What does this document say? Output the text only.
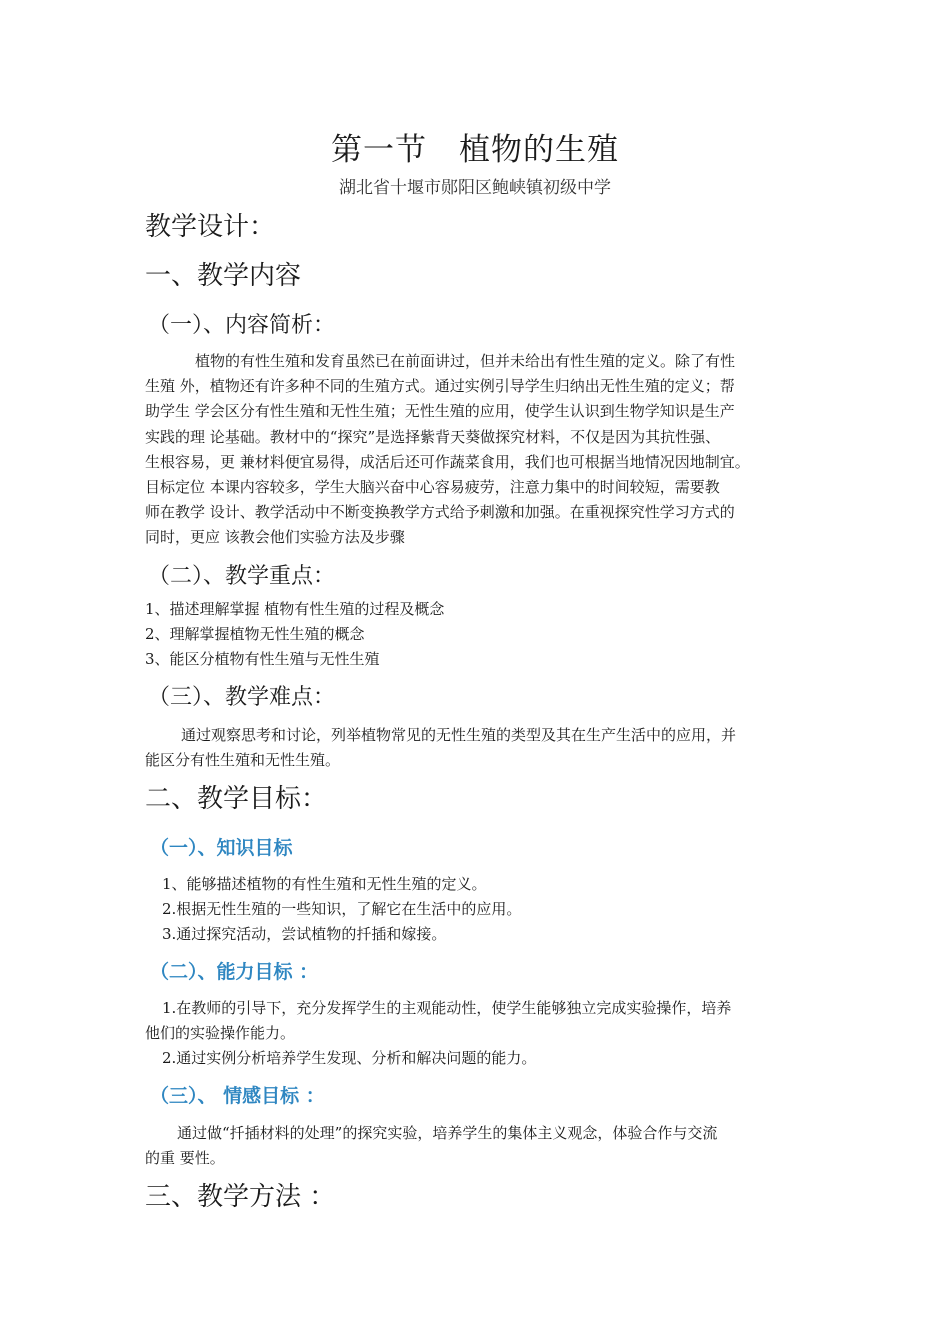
第一节　植物的生殖
湖北省十堰市郧阳区鲍峡镇初级中学
教学设计：
一、教学内容
（一）、内容简析：
植物的有性生殖和发育虽然已在前面讲过，但并未给出有性生殖的定义。除了有性
生殖 外，植物还有许多种不同的生殖方式。通过实例引导学生归纳出无性生殖的定义；帮
助学生 学会区分有性生殖和无性生殖；无性生殖的应用，使学生认识到生物学知识是生产
实践的理 论基础。教材中的“探究”是选择紫背天葵做探究材料，不仅是因为其抗性强、
生根容易，更 兼材料便宜易得，成活后还可作蔬菜食用，我们也可根据当地情况因地制宜。
目标定位 本课内容较多，学生大脑兴奋中心容易疲劳，注意力集中的时间较短，需要教
师在教学 设计、教学活动中不断变换教学方式给予刺激和加强。在重视探究性学习方式的
同时，更应 该教会他们实验方法及步骤
（二）、教学重点：
1、描述理解掌握 植物有性生殖的过程及概念
2、理解掌握植物无性生殖的概念
3、能区分植物有性生殖与无性生殖
（三）、教学难点：
通过观察思考和讨论，列举植物常见的无性生殖的类型及其在生产生活中的应用，并
能区分有性生殖和无性生殖。
二、教学目标：
（一）、知识目标
1、能够描述植物的有性生殖和无性生殖的定义。
2.根据无性生殖的一些知识，了解它在生活中的应用。
3.通过探究活动，尝试植物的扦插和嫁接。
（二）、能力目标 ：
1.在教师的引导下，充分发挥学生的主观能动性，使学生能够独立完成实验操作，培养
他们的实验操作能力。
2.通过实例分析培养学生发现、分析和解决问题的能力。
（三）、 情感目标 ：
通过做“扦插材料的处理”的探究实验，培养学生的集体主义观念，体验合作与交流
的重 要性。
三、教学方法 ：
